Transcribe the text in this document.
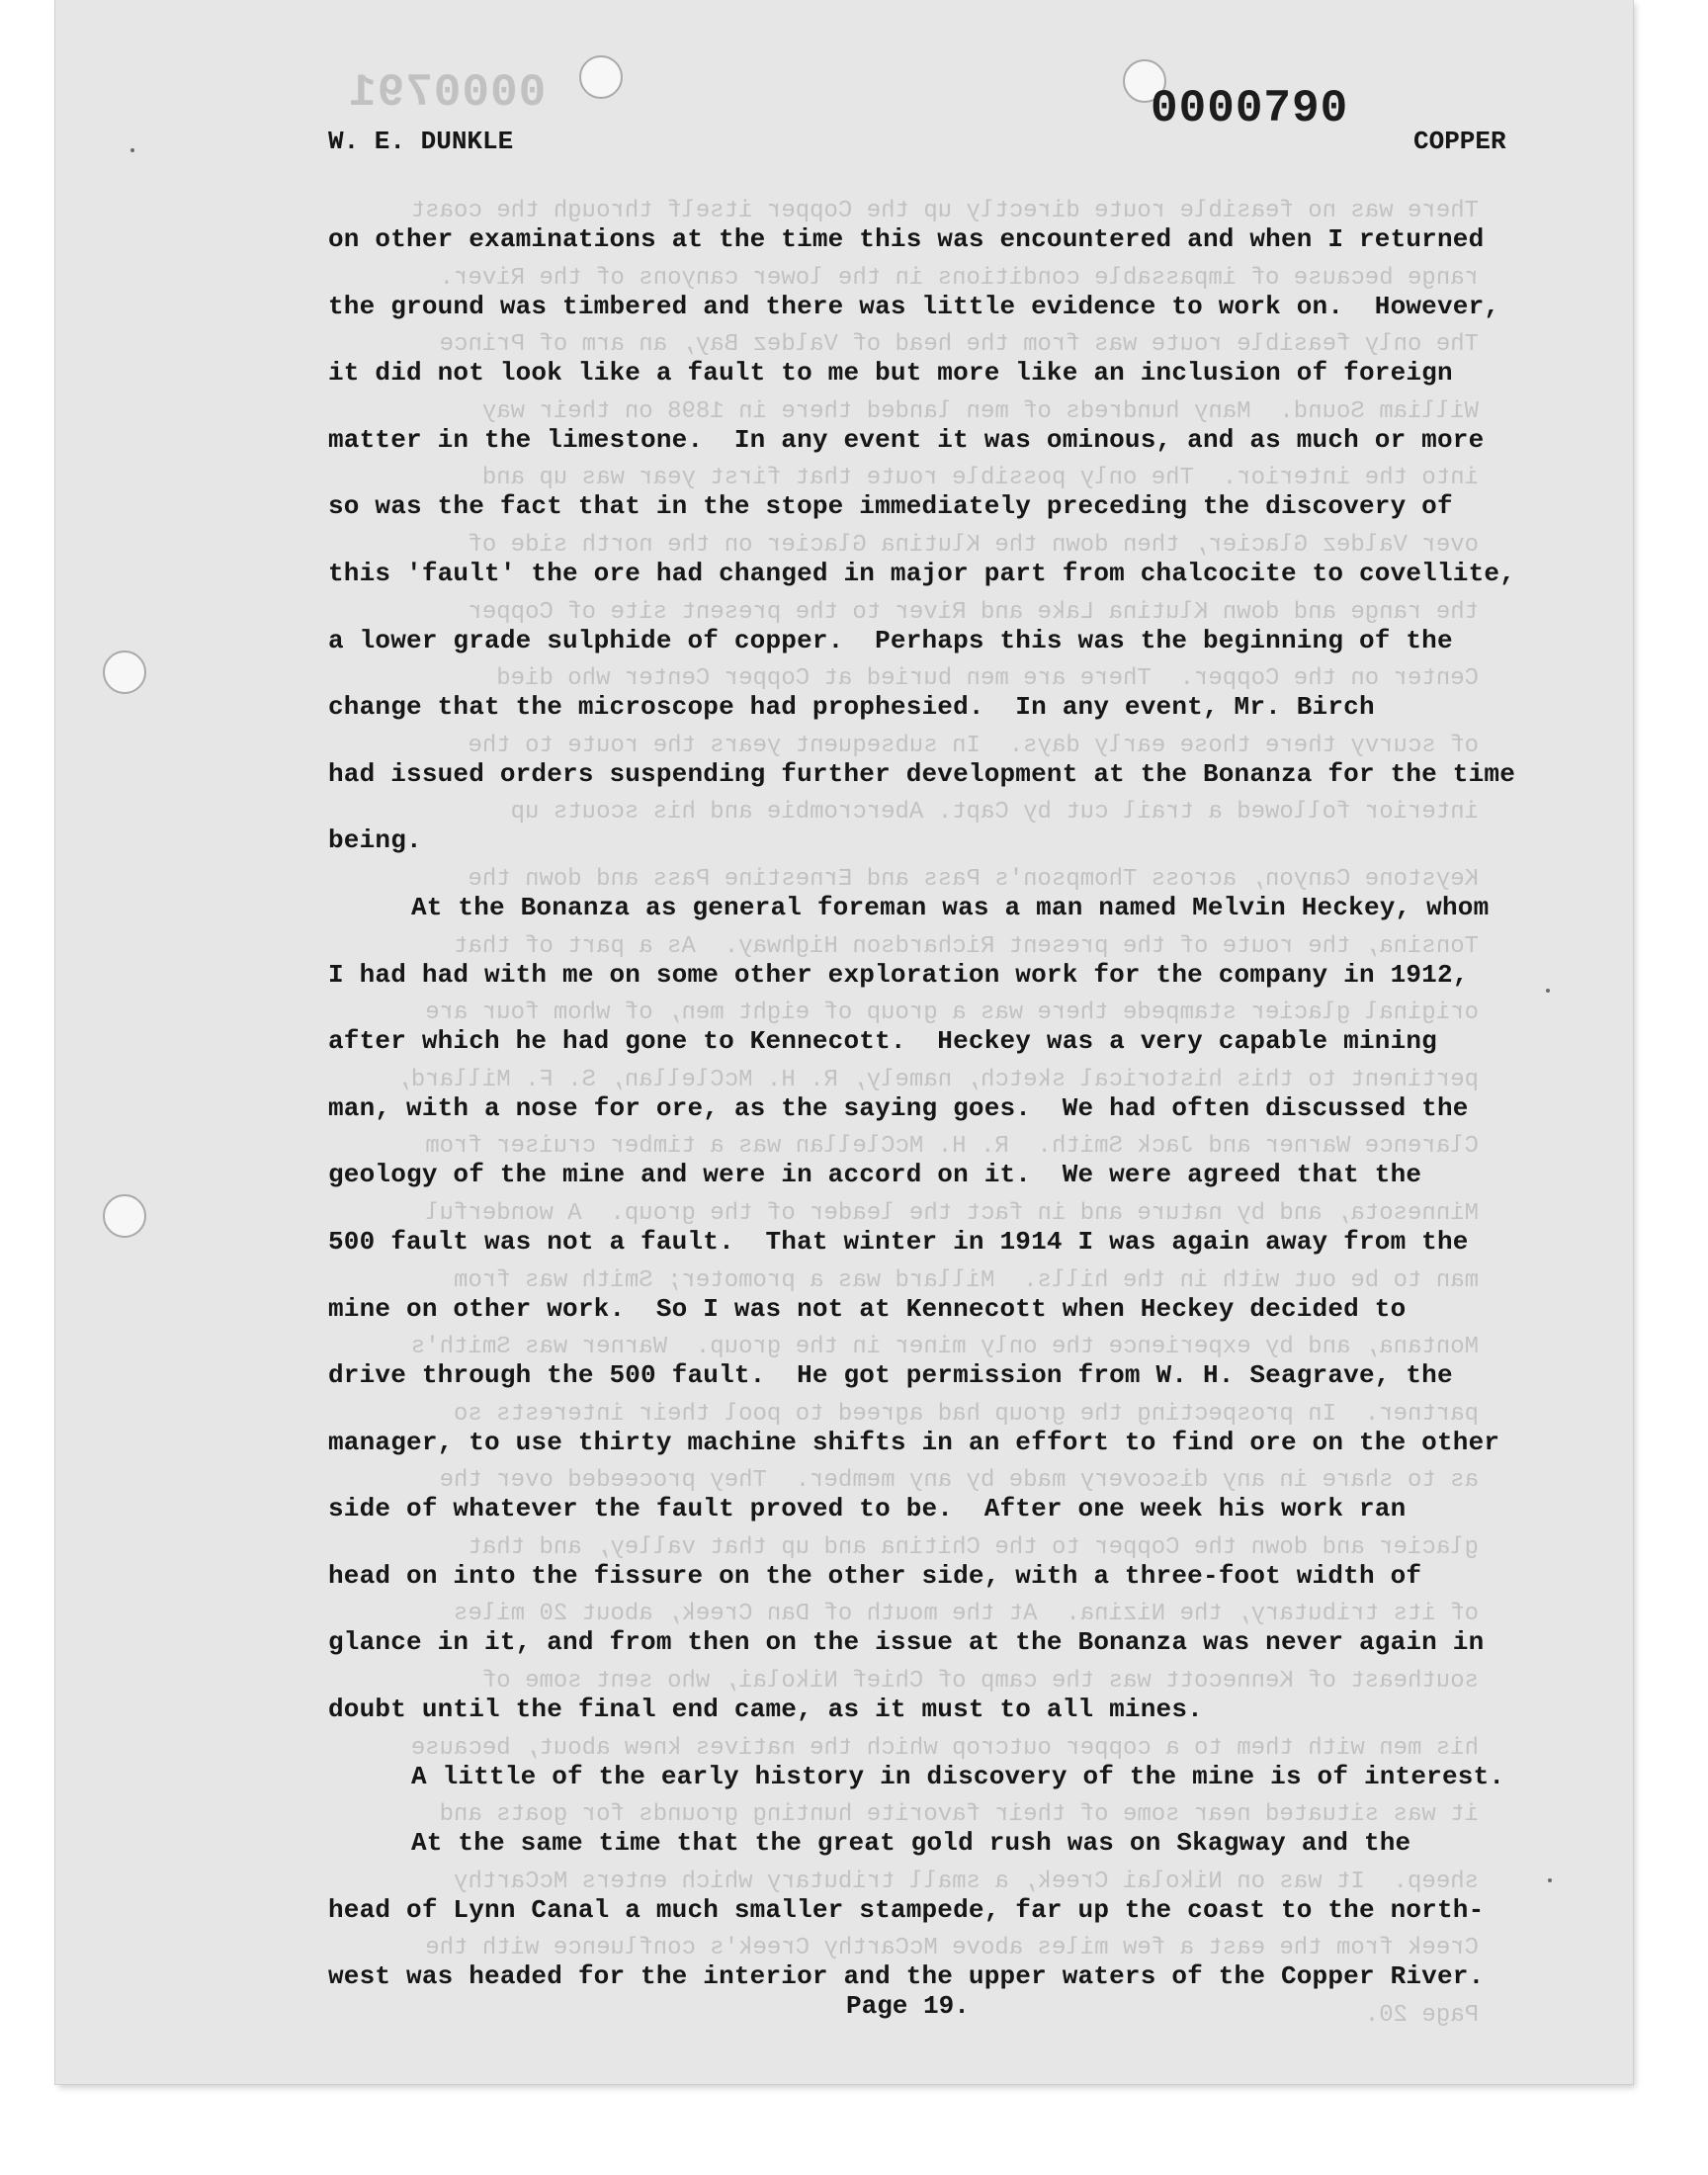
There was no feasible route directly up the Copper itself through the coast
range because of impassable conditions in the lower canyons of the River.
The only feasible route was from the head of Valdez Bay, an arm of Prince
William Sound.  Many hundreds of men landed there in 1898 on their way
into the interior.  The only possible route that first year was up and
over Valdez Glacier, then down the Klutina Glacier on the north side of
the range and down Klutina Lake and River to the present site of Copper
Center on the Copper.  There are men buried at Copper Center who died
of scurvy there those early days.  In subsequent years the route to the
interior followed a trail cut by Capt. Abercrombie and his scouts up
Keystone Canyon, across Thompson's Pass and Ernestine Pass and down the
Tonsina, the route of the present Richardson Highway.  As a part of that
original glacier stampede there was a group of eight men, of whom four are
pertinent to this historical sketch, namely, R. H. McClellan, S. F. Millard,
Clarence Warner and Jack Smith.  R. H. McClellan was a timber cruiser from
Minnesota, and by nature and in fact the leader of the group.  A wonderful
man to be out with in the hills.  Millard was a promoter; Smith was from
Montana, and by experience the only miner in the group.  Warner was Smith's
partner.  In prospecting the group had agreed to pool their interests so
as to share in any discovery made by any member.  They proceeded over the
glacier and down the Copper to the Chitina and up that valley, and that
of its tributary, the Nizina.  At the mouth of Dan Creek, about 20 miles
southeast of Kennecott was the camp of Chief Nikolai, who sent some of
his men with them to a copper outcrop which the natives knew about, because
it was situated near some of their favorite hunting grounds for goats and
sheep.  It was on Nikolai Creek, a small tributary which enters McCarthy
Creek from the east a few miles above McCarthy Creek's confluence with the
Page 20.
0000791	0000790
W. E. DUNKLE	COPPER
on other examinations at the time this was encountered and when I returned
the ground was timbered and there was little evidence to work on.  However,
it did not look like a fault to me but more like an inclusion of foreign
matter in the limestone.  In any event it was ominous, and as much or more
so was the fact that in the stope immediately preceding the discovery of
this 'fault' the ore had changed in major part from chalcocite to covellite,
a lower grade sulphide of copper.  Perhaps this was the beginning of the
change that the microscope had prophesied.  In any event, Mr. Birch
had issued orders suspending further development at the Bonanza for the time
being.
At the Bonanza as general foreman was a man named Melvin Heckey, whom
I had had with me on some other exploration work for the company in 1912,
after which he had gone to Kennecott.  Heckey was a very capable mining
man, with a nose for ore, as the saying goes.  We had often discussed the
geology of the mine and were in accord on it.  We were agreed that the
500 fault was not a fault.  That winter in 1914 I was again away from the
mine on other work.  So I was not at Kennecott when Heckey decided to
drive through the 500 fault.  He got permission from W. H. Seagrave, the
manager, to use thirty machine shifts in an effort to find ore on the other
side of whatever the fault proved to be.  After one week his work ran
head on into the fissure on the other side, with a three-foot width of
glance in it, and from then on the issue at the Bonanza was never again in
doubt until the final end came, as it must to all mines.
A little of the early history in discovery of the mine is of interest.
At the same time that the great gold rush was on Skagway and the
head of Lynn Canal a much smaller stampede, far up the coast to the north-
west was headed for the interior and the upper waters of the Copper River.
Page 19.
